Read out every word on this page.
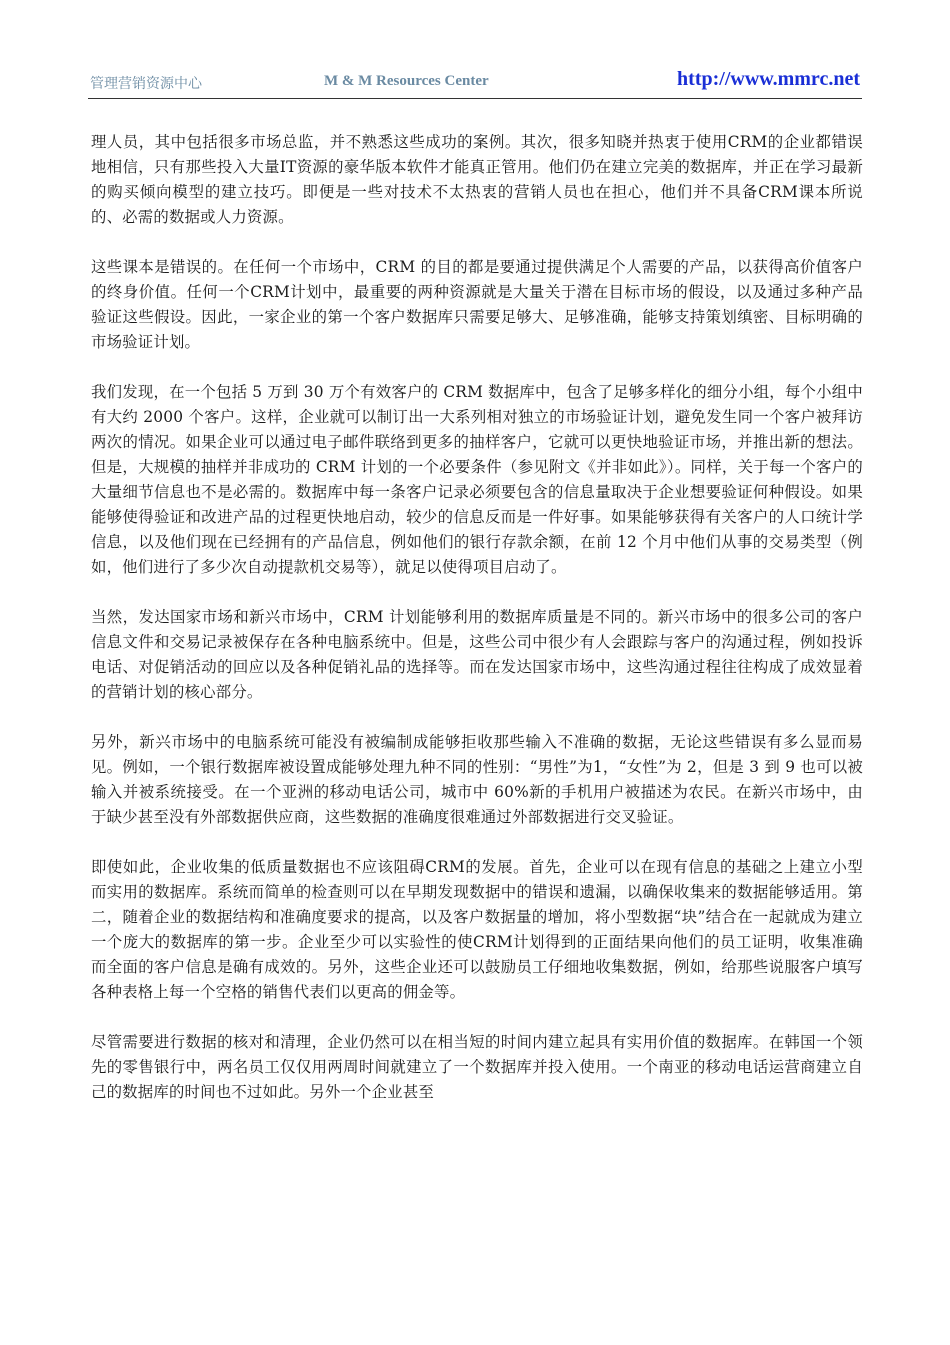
管理营销资源中心	M & M Resources Center	http://www.mmrc.net

理人员，其中包括很多市场总监，并不熟悉这些成功的案例。其次，很多知晓并热衷于使用CRM的企业都错误地相信，只有那些投入大量IT资源的豪华版本软件才能真正管用。他们仍在建立完美的数据库，并正在学习最新的购买倾向模型的建立技巧。即便是一些对技术不太热衷的营销人员也在担心，他们并不具备CRM课本所说的、必需的数据或人力资源。

这些课本是错误的。在任何一个市场中，CRM 的目的都是要通过提供满足个人需要的产品，以获得高价值客户的终身价值。任何一个CRM计划中，最重要的两种资源就是大量关于潜在目标市场的假设，以及通过多种产品验证这些假设。因此，一家企业的第一个客户数据库只需要足够大、足够准确，能够支持策划缜密、目标明确的市场验证计划。

我们发现，在一个包括 5 万到 30 万个有效客户的 CRM 数据库中，包含了足够多样化的细分小组，每个小组中有大约 2000 个客户。这样，企业就可以制订出一大系列相对独立的市场验证计划，避免发生同一个客户被拜访两次的情况。如果企业可以通过电子邮件联络到更多的抽样客户，它就可以更快地验证市场，并推出新的想法。但是，大规模的抽样并非成功的 CRM 计划的一个必要条件（参见附文《并非如此》）。同样，关于每一个客户的大量细节信息也不是必需的。数据库中每一条客户记录必须要包含的信息量取决于企业想要验证何种假设。如果能够使得验证和改进产品的过程更快地启动，较少的信息反而是一件好事。如果能够获得有关客户的人口统计学信息，以及他们现在已经拥有的产品信息，例如他们的银行存款余额，在前 12 个月中他们从事的交易类型（例如，他们进行了多少次自动提款机交易等），就足以使得项目启动了。

当然，发达国家市场和新兴市场中，CRM 计划能够利用的数据库质量是不同的。新兴市场中的很多公司的客户信息文件和交易记录被保存在各种电脑系统中。但是，这些公司中很少有人会跟踪与客户的沟通过程，例如投诉电话、对促销活动的回应以及各种促销礼品的选择等。而在发达国家市场中，这些沟通过程往往构成了成效显着的营销计划的核心部分。

另外，新兴市场中的电脑系统可能没有被编制成能够拒收那些输入不准确的数据，无论这些错误有多么显而易见。例如，一个银行数据库被设置成能够处理九种不同的性别：“男性”为1，“女性”为 2，但是 3 到 9 也可以被输入并被系统接受。在一个亚洲的移动电话公司，城市中 60%新的手机用户被描述为农民。在新兴市场中，由于缺少甚至没有外部数据供应商，这些数据的准确度很难通过外部数据进行交叉验证。

即使如此，企业收集的低质量数据也不应该阻碍CRM的发展。首先，企业可以在现有信息的基础之上建立小型而实用的数据库。系统而简单的检查则可以在早期发现数据中的错误和遗漏，以确保收集来的数据能够适用。第二，随着企业的数据结构和准确度要求的提高，以及客户数据量的增加，将小型数据“块”结合在一起就成为建立一个庞大的数据库的第一步。企业至少可以实验性的使CRM计划得到的正面结果向他们的员工证明，收集准确而全面的客户信息是确有成效的。另外，这些企业还可以鼓励员工仔细地收集数据，例如，给那些说服客户填写各种表格上每一个空格的销售代表们以更高的佣金等。

尽管需要进行数据的核对和清理，企业仍然可以在相当短的时间内建立起具有实用价值的数据库。在韩国一个领先的零售银行中，两名员工仅仅用两周时间就建立了一个数据库并投入使用。一个南亚的移动电话运营商建立自己的数据库的时间也不过如此。另外一个企业甚至
